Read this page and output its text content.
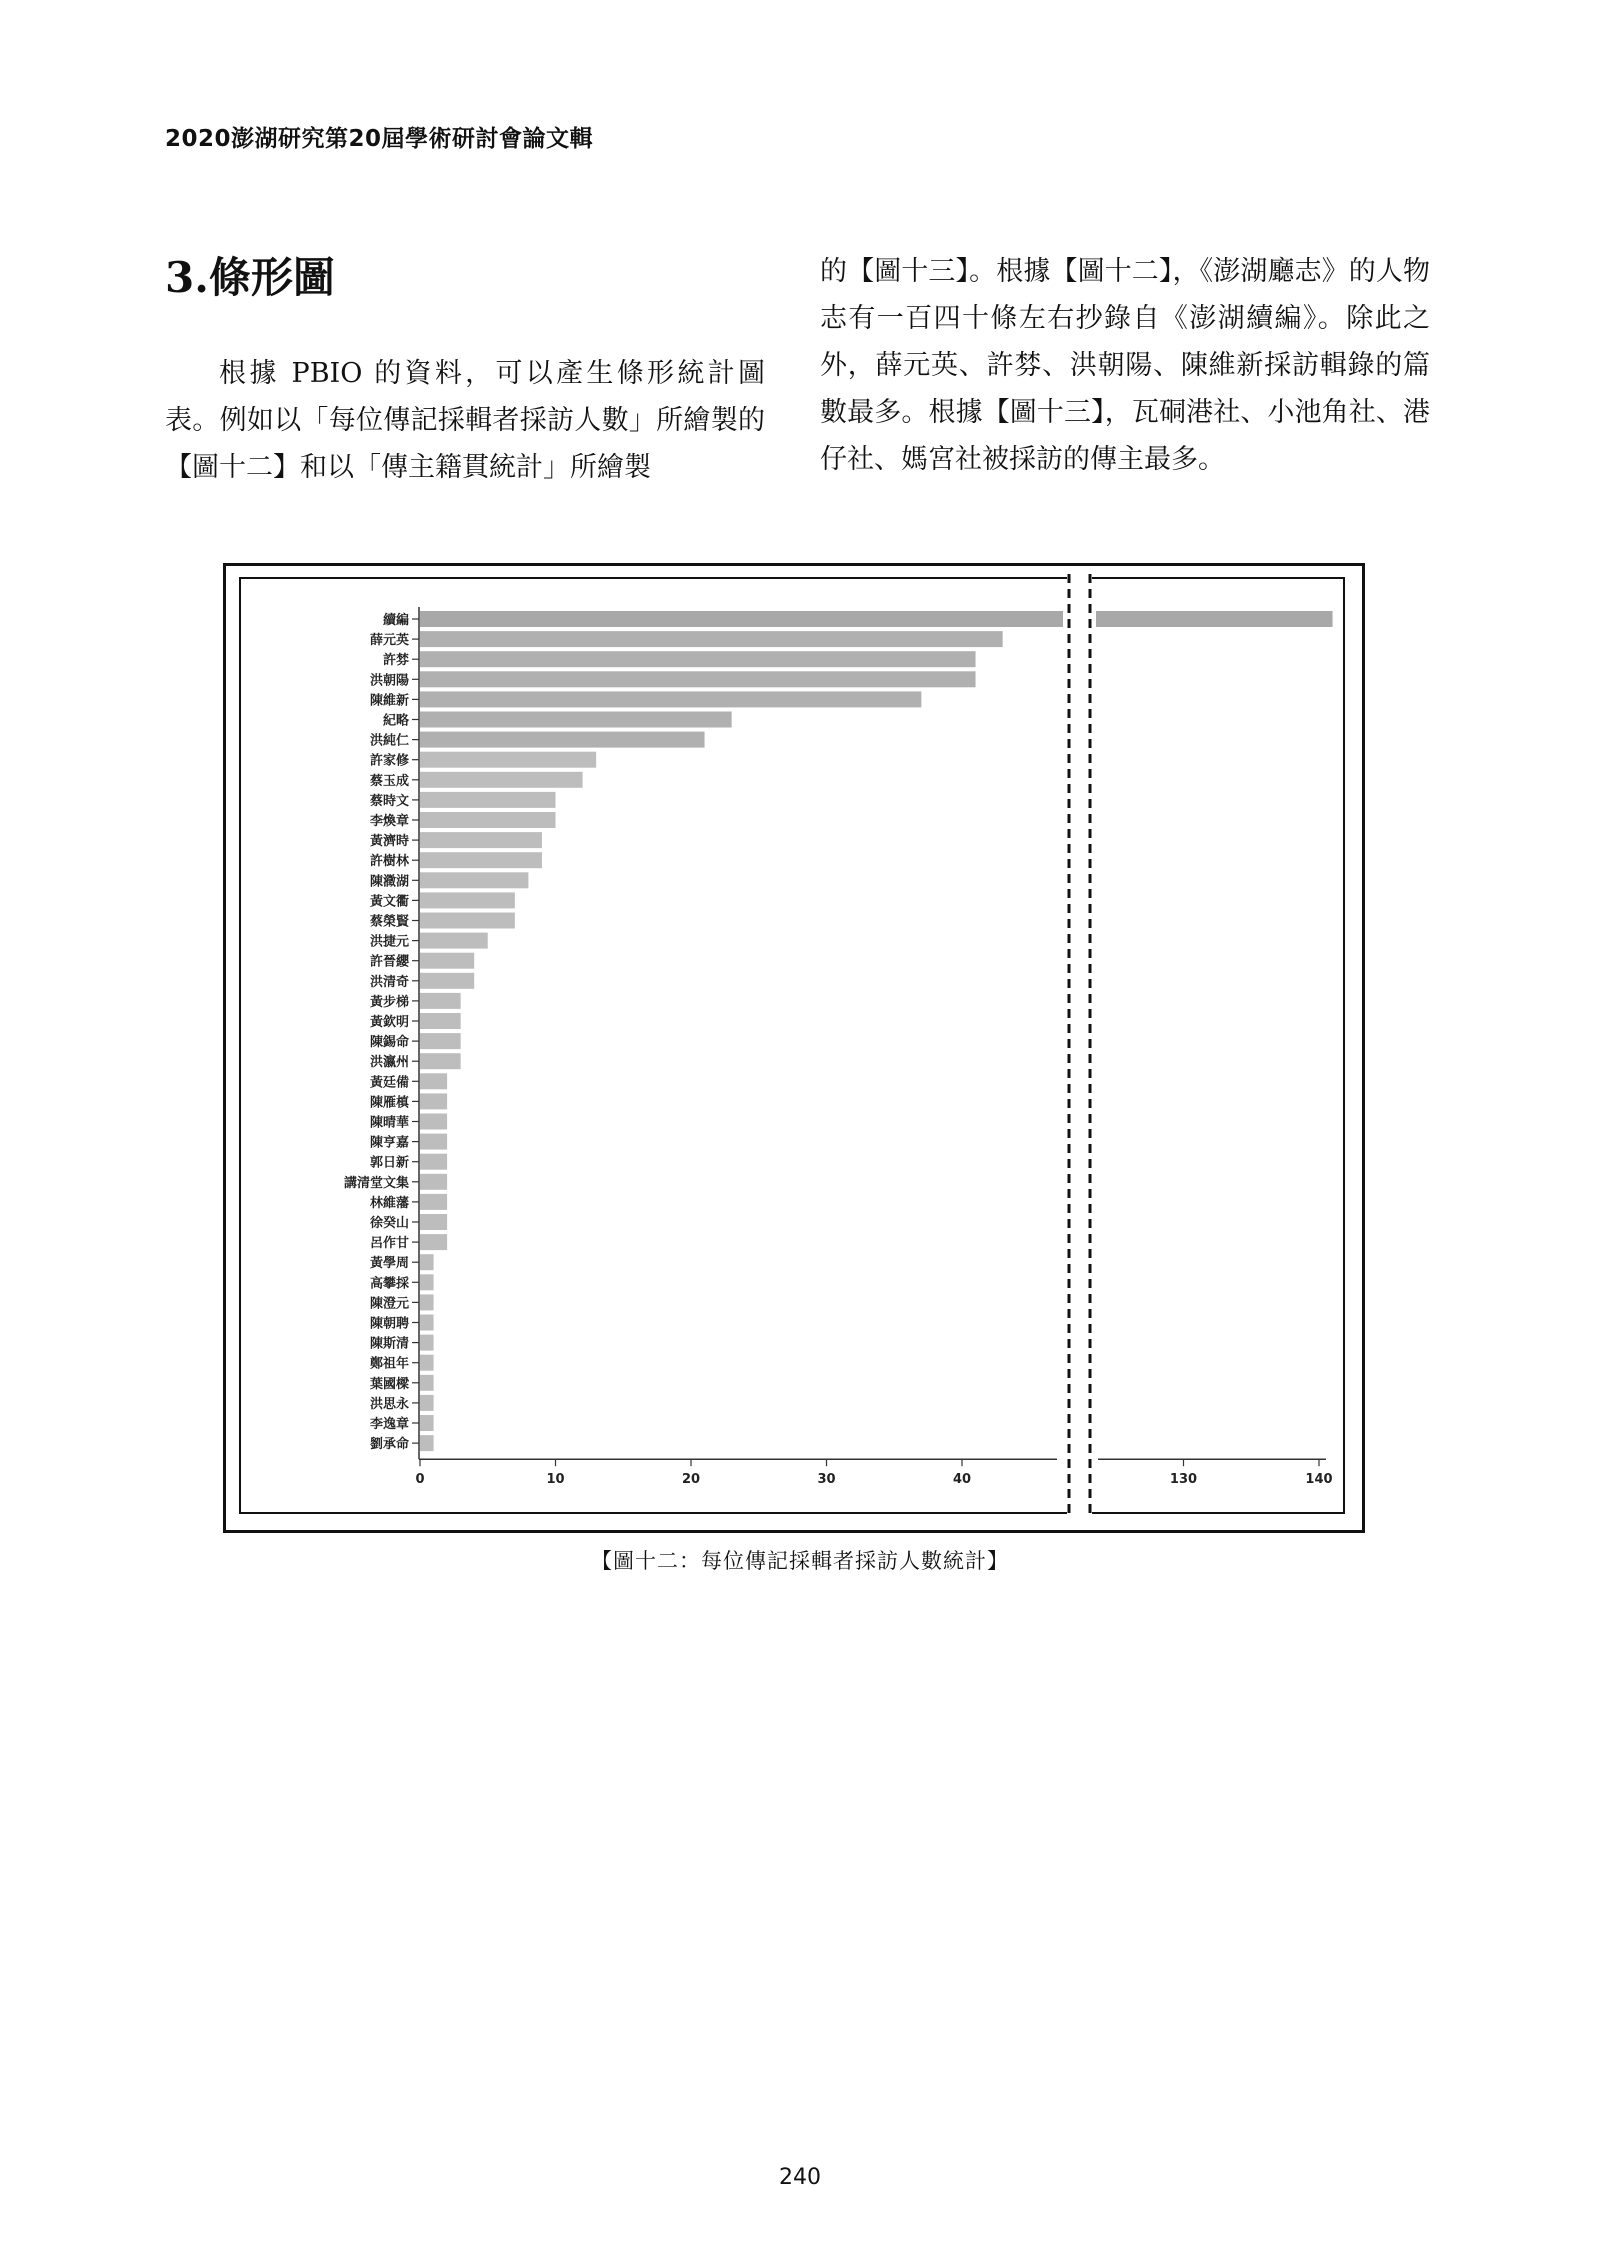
2020澎湖研究第20屆學術研討會論文輯
3.條形圖

根據 PBIO 的資料，可以產生條形統計圖表。例如以「每位傳記採輯者採訪人數」所繪製的【圖十二】和以「傳主籍貫統計」所繪製

的【圖十三】。根據【圖十二】，《澎湖廳志》的人物志有一百四十條左右抄錄自《澎湖續編》。除此之外，薛元英、許棼、洪朝陽、陳維新採訪輯錄的篇數最多。根據【圖十三】，瓦硐港社、小池角社、港仔社、媽宮社被採訪的傳主最多。

續編
薛元英
許棼
洪朝陽
陳維新
紀略
洪純仁
許家修
蔡玉成
蔡時文
李煥章
黃濟時
許樹林
陳瀓湖
黃文衢
蔡榮賢
洪捷元
許晉纓
洪清奇
黃步梯
黃欽明
陳錫命
洪瀛州
黃廷備
陳雁槙
陳晴華
陳亨嘉
郭日新
講清堂文集
林維藩
徐癸山
呂作甘
黃學周
高攀採
陳澄元
陳朝聘
陳斯清
鄭祖年
葉國樑
洪思永
李逸章
劉承命
0	10	20	30	40	130	140
【圖十二：每位傳記採輯者採訪人數統計】
240
